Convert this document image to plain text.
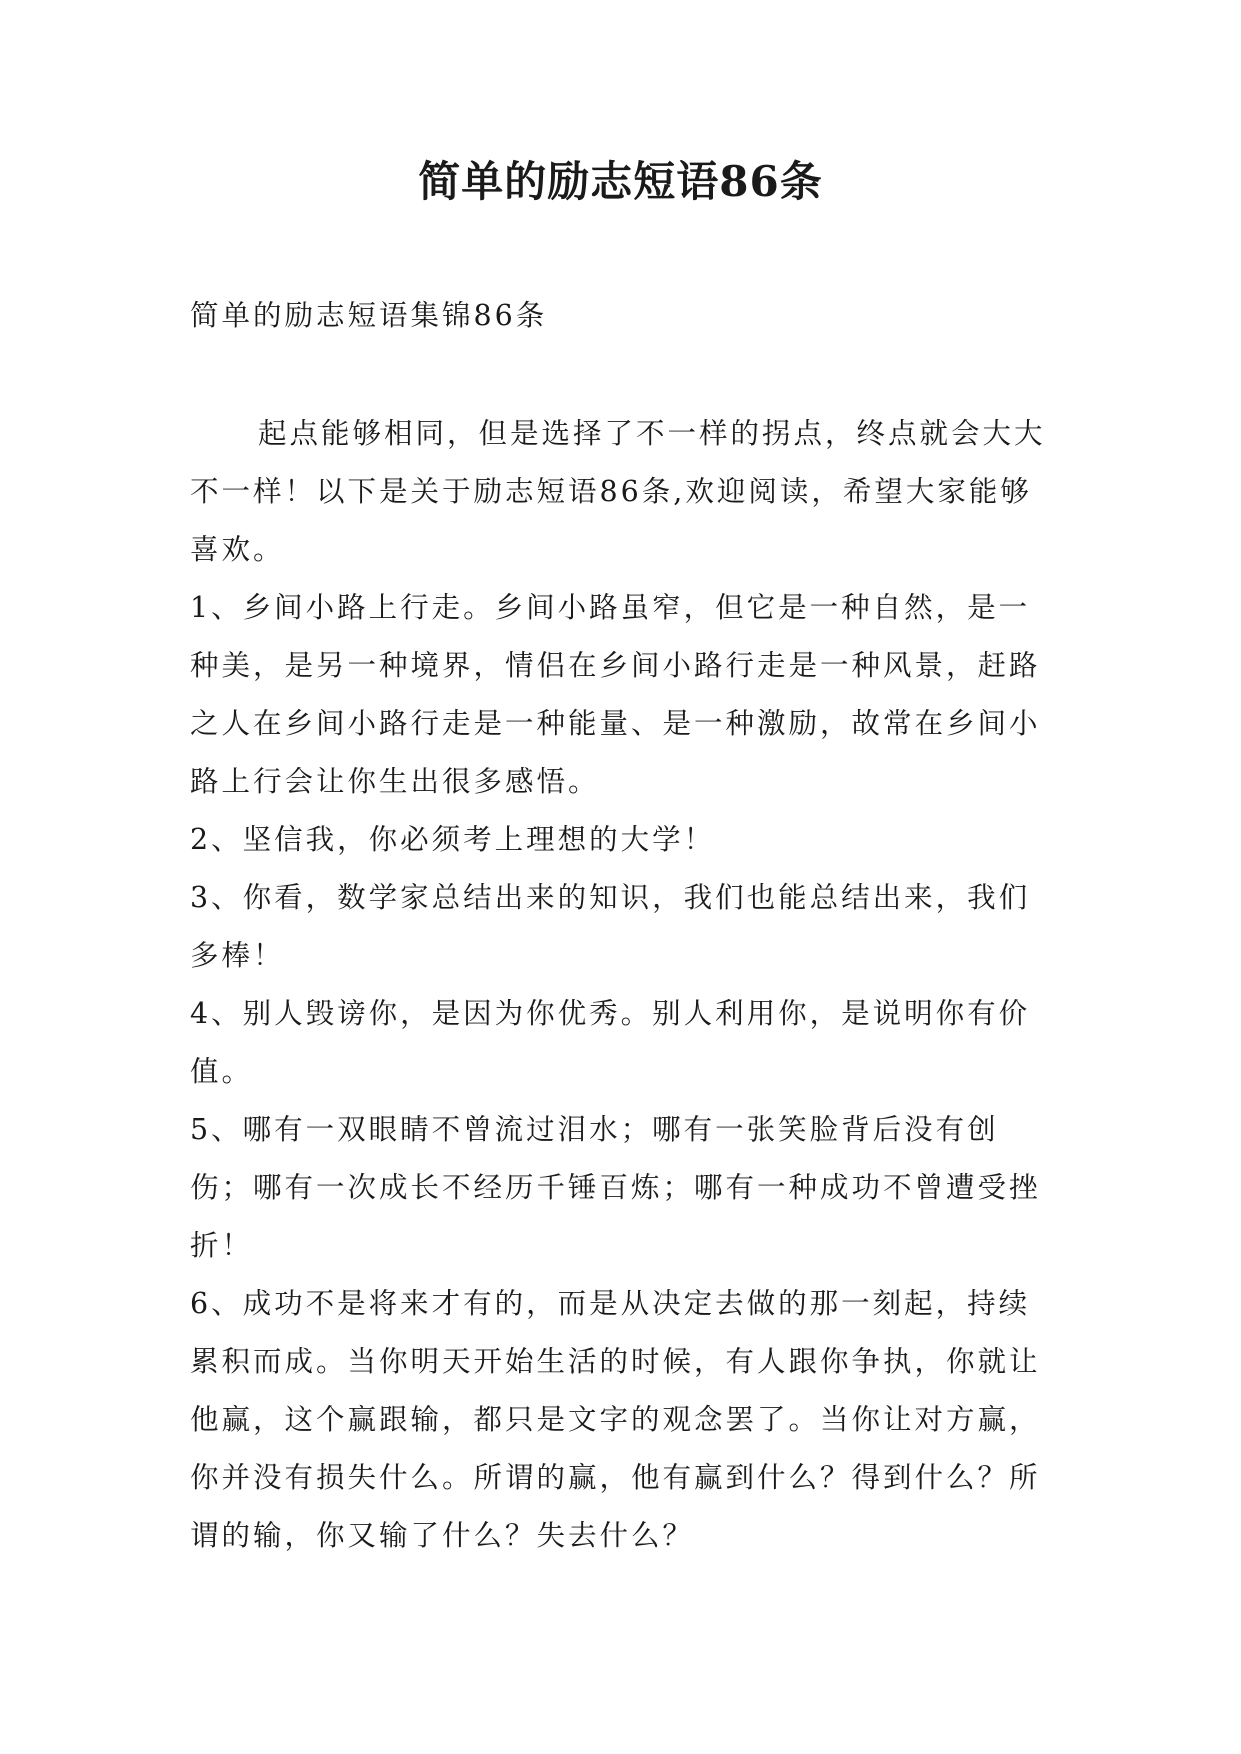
简单的励志短语86条
简单的励志短语集锦86条

起点能够相同，但是选择了不一样的拐点，终点就会大大不一样！以下是关于励志短语86条,欢迎阅读，希望大家能够喜欢。

1、乡间小路上行走。乡间小路虽窄，但它是一种自然，是一种美，是另一种境界，情侣在乡间小路行走是一种风景，赶路之人在乡间小路行走是一种能量、是一种激励，故常在乡间小路上行会让你生出很多感悟。

2、坚信我，你必须考上理想的大学！

3、你看，数学家总结出来的知识，我们也能总结出来，我们多棒！

4、别人毁谤你，是因为你优秀。别人利用你，是说明你有价值。

5、哪有一双眼睛不曾流过泪水；哪有一张笑脸背后没有创伤；哪有一次成长不经历千锤百炼；哪有一种成功不曾遭受挫折！

6、成功不是将来才有的，而是从决定去做的那一刻起，持续累积而成。当你明天开始生活的时候，有人跟你争执，你就让他赢，这个赢跟输，都只是文字的观念罢了。当你让对方赢，你并没有损失什么。所谓的赢，他有赢到什么？得到什么？所谓的输，你又输了什么？失去什么？
